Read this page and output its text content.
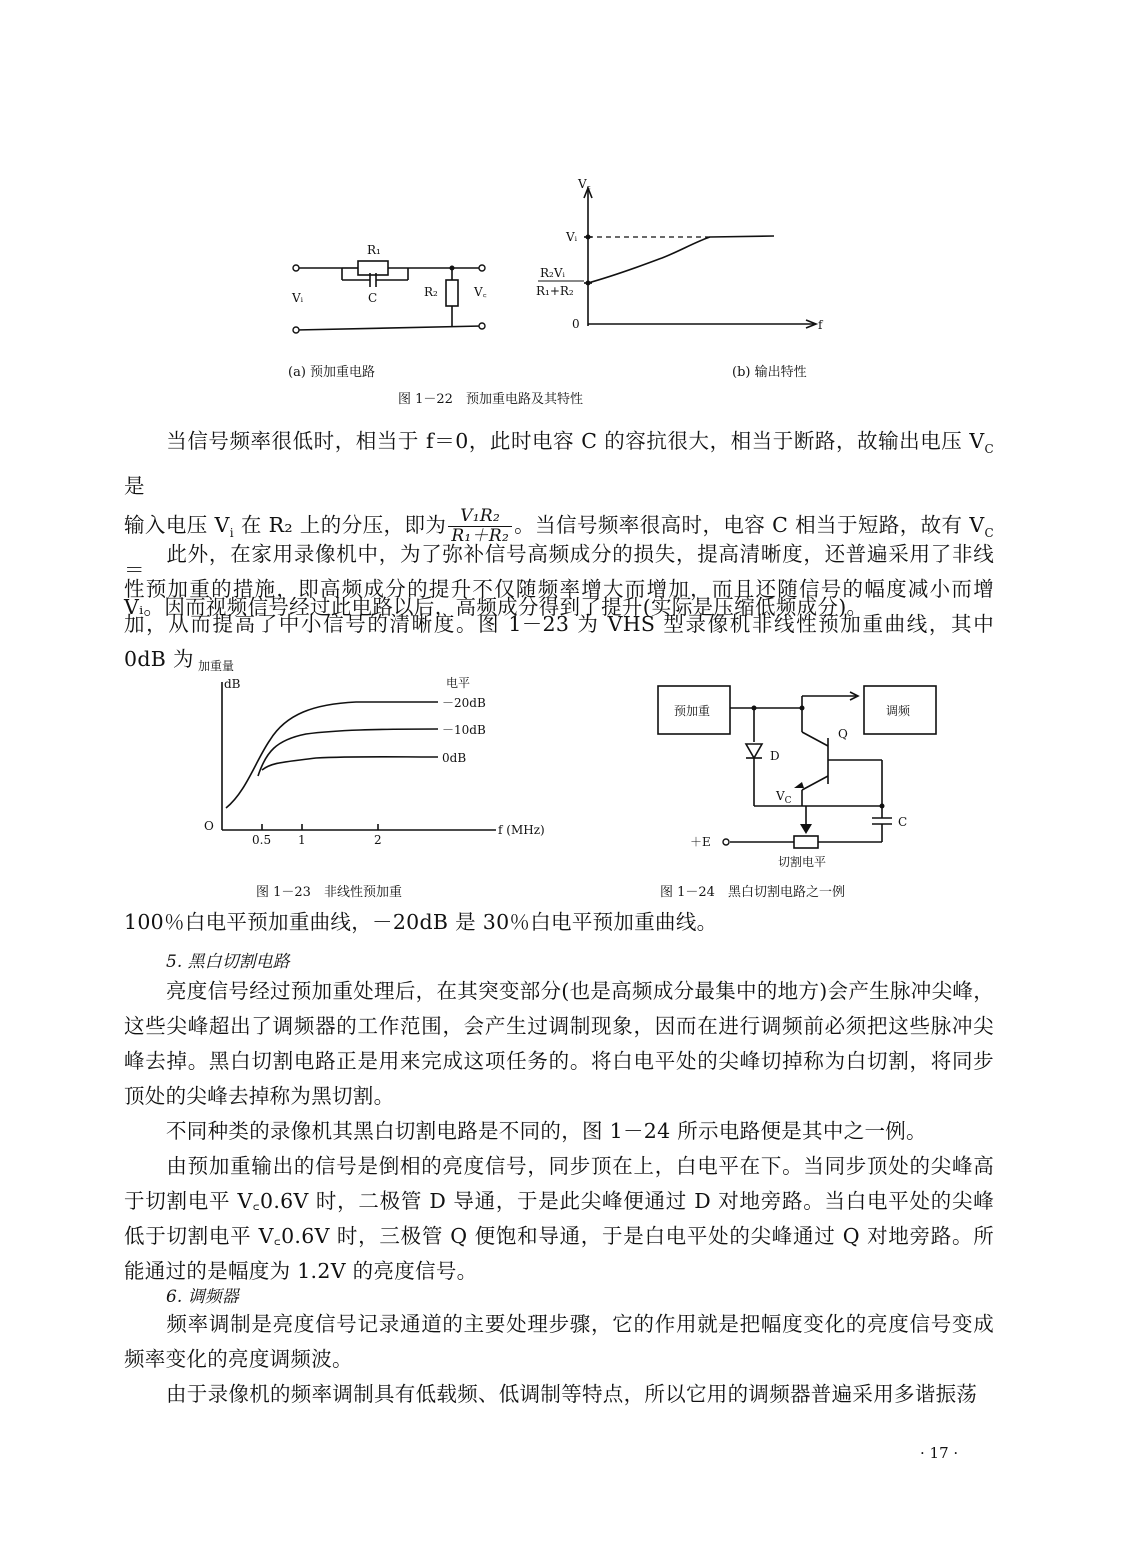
R₁
C	R₂
Vᵢ	V꜀
V꜀
Vᵢ
R₂Vᵢ
R₁+R₂
0	f
(a) 预加重电路	(b) 输出特性
图 1－22　预加重电路及其特性
当信号频率很低时，相当于 f＝0，此时电容 C 的容抗很大，相当于断路，故输出电压 $V_C$ 是
输入电压 $V_i$ 在 R₂ 上的分压，即为 $\frac{\text{V₁R₂}}{\text{R₁＋R₂}}$ 。当信号频率很高时，电容 C 相当于短路，故有 $V_C=$
Vᵢ。因而视频信号经过此电路以后，高频成分得到了提升(实际是压缩低频成分)。
此外，在家用录像机中，为了弥补信号高频成分的损失，提高清晰度，还普遍采用了非线性预加重的措施，即高频成分的提升不仅随频率增大而增加，而且还随信号的幅度减小而增加，从而提高了中小信号的清晰度。图 1－23 为 VHS 型录像机非线性预加重曲线，其中 0dB 为 加重量
dB	电平
－20dB
－10dB
0dB
O
0.5 1	2
f (MHz)
预加重	调频
D
Q
$V_C$
C
＋E
切割电平
图 1－23　非线性预加重	图 1－24　黑白切割电路之一例
100％白电平预加重曲线，－20dB 是 30％白电平预加重曲线。
5. 黑白切割电路
亮度信号经过预加重处理后，在其突变部分(也是高频成分最集中的地方)会产生脉冲尖峰，这些尖峰超出了调频器的工作范围，会产生过调制现象，因而在进行调频前必须把这些脉冲尖峰去掉。黑白切割电路正是用来完成这项任务的。将白电平处的尖峰切掉称为白切割，将同步顶处的尖峰去掉称为黑切割。
不同种类的录像机其黑白切割电路是不同的，图 1－24 所示电路便是其中之一例。
由预加重输出的信号是倒相的亮度信号，同步顶在上，白电平在下。当同步顶处的尖峰高于切割电平 V꜀0.6V 时，二极管 D 导通，于是此尖峰便通过 D 对地旁路。当白电平处的尖峰低于切割电平 V꜀0.6V 时，三极管 Q 便饱和导通，于是白电平处的尖峰通过 Q 对地旁路。所能通过的是幅度为 1.2V 的亮度信号。
6. 调频器
频率调制是亮度信号记录通道的主要处理步骤，它的作用就是把幅度变化的亮度信号变成频率变化的亮度调频波。
由于录像机的频率调制具有低载频、低调制等特点，所以它用的调频器普遍采用多谐振荡
· 17 ·
